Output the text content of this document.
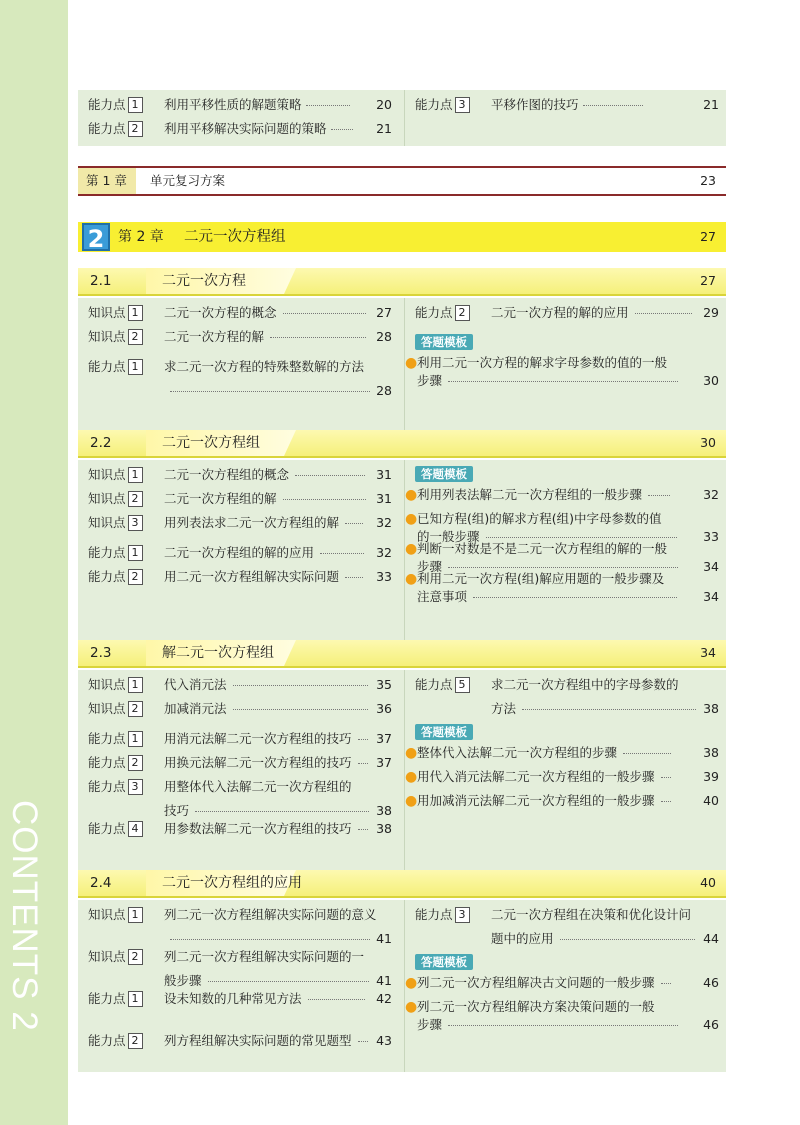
CONTENTS 2
能力点 1	利用平移性质的解题策略	20
能力点 2	利用平移解决实际问题的策略	21
能力点 3	平移作图的技巧	21
第 1 章 单元复习方案	23
2 第 2 章 二元一次方程组	27
2.1	二元一次方程	27
知识点 1	二元一次方程的概念	27
知识点 2	二元一次方程的解	28
能力点 1	求二元一次方程的特殊整数解的方法
28
能力点 2	二元一次方程的解的应用	29
答题模板
● 利用二元一次方程的解求字母参数的值的一般
步骤	30
2.2	二元一次方程组	30
知识点 1	二元一次方程组的概念	31
知识点 2	二元一次方程组的解	31
知识点 3	用列表法求二元一次方程组的解	32
能力点 1	二元一次方程组的解的应用	32
能力点 2	用二元一次方程组解决实际问题	33
答题模板
● 利用列表法解二元一次方程组的一般步骤	32
● 已知方程(组)的解求方程(组)中字母参数的值
的一般步骤	33
● 判断一对数是不是二元一次方程组的解的一般
步骤	34
● 利用二元一次方程(组)解应用题的一般步骤及
注意事项	34
2.3	解二元一次方程组	34
知识点 1	代入消元法	35
知识点 2	加减消元法	36
能力点 1	用消元法解二元一次方程组的技巧	37
能力点 2	用换元法解二元一次方程组的技巧	37
能力点 3	用整体代入法解二元一次方程组的
技巧	38
能力点 4	用参数法解二元一次方程组的技巧	38
能力点 5	求二元一次方程组中的字母参数的
方法	38
答题模板
● 整体代入法解二元一次方程组的步骤	38
● 用代入消元法解二元一次方程组的一般步骤	39
● 用加减消元法解二元一次方程组的一般步骤	40
2.4	二元一次方程组的应用	40
知识点 1	列二元一次方程组解决实际问题的意义
41
知识点 2	列二元一次方程组解决实际问题的一
般步骤	41
能力点 1	设未知数的几种常见方法	42
能力点 2	列方程组解决实际问题的常见题型	43
能力点 3	二元一次方程组在决策和优化设计问
题中的应用	44
答题模板
● 列二元一次方程组解决古文问题的一般步骤	46
● 列二元一次方程组解决方案决策问题的一般
步骤	46
